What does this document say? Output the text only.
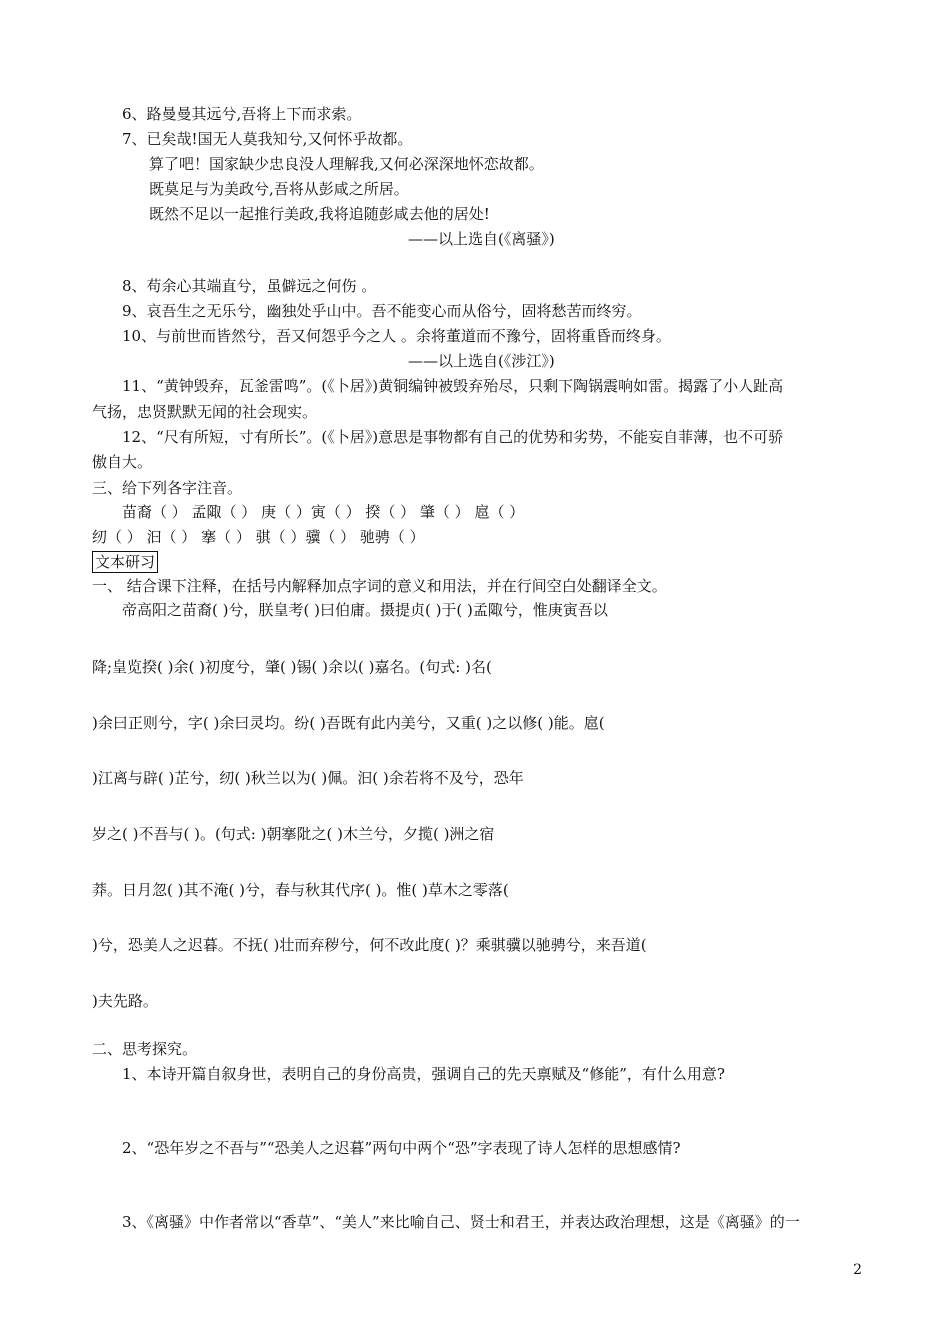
6、路曼曼其远兮,吾将上下而求索。
7、已矣哉!国无人莫我知兮,又何怀乎故都。
算了吧！国家缺少忠良没人理解我,又何必深深地怀恋故都。
既莫足与为美政兮,吾将从彭咸之所居。
既然不足以一起推行美政,我将追随彭咸去他的居处!
——以上选自(《离骚》)
8、苟余心其端直兮，虽僻远之何伤 。
9、哀吾生之无乐兮，幽独处乎山中。吾不能变心而从俗兮，固将愁苦而终穷。
10、与前世而皆然兮，吾又何怨乎今之人 。余将董道而不豫兮，固将重昏而终身。
——以上选自(《涉江》)
11、“黄钟毁弃，瓦釜雷鸣”。(《卜居》)黄铜编钟被毁弃殆尽，只剩下陶锅震响如雷。揭露了小人趾高
气扬，忠贤默默无闻的社会现实。
12、“尺有所短，寸有所长”。(《卜居》)意思是事物都有自己的优势和劣势，不能妄自菲薄，也不可骄
傲自大。
三、给下列各字注音。
苗裔（ ） 孟陬（ ） 庚（ ）寅（ ） 揆（ ） 肇（ ） 扈（ ）
纫（ ） 汩（ ） 搴（ ） 骐（ ）骥（ ） 驰骋（ ）
文本研习
一、 结合课下注释，在括号内解释加点字词的意义和用法，并在行间空白处翻译全文。
帝高阳之苗裔( )兮，朕皇考( )曰伯庸。摄提贞( )于( )孟陬兮，惟庚寅吾以
降;皇览揆( )余( )初度兮，肇( )锡( )余以( )嘉名。(句式: )名(
)余曰正则兮，字( )余曰灵均。纷( )吾既有此内美兮，又重( )之以修( )能。扈(
)江离与辟( )芷兮，纫( )秋兰以为( )佩。汩( )余若将不及兮，恐年
岁之( )不吾与( )。(句式: )朝搴阰之( )木兰兮，夕揽( )洲之宿
莽。日月忽( )其不淹( )兮，春与秋其代序( )。惟( )草木之零落(
)兮，恐美人之迟暮。不抚( )壮而弃秽兮，何不改此度( )？乘骐骥以驰骋兮，来吾道(
)夫先路。
二、思考探究。
1、本诗开篇自叙身世，表明自己的身份高贵，强调自己的先天禀赋及“修能”，有什么用意?
2、“恐年岁之不吾与”“恐美人之迟暮”两句中两个“恐”字表现了诗人怎样的思想感情?
3、《离骚》中作者常以“香草”、“美人”来比喻自己、贤士和君王，并表达政治理想，这是《离骚》的一
2
